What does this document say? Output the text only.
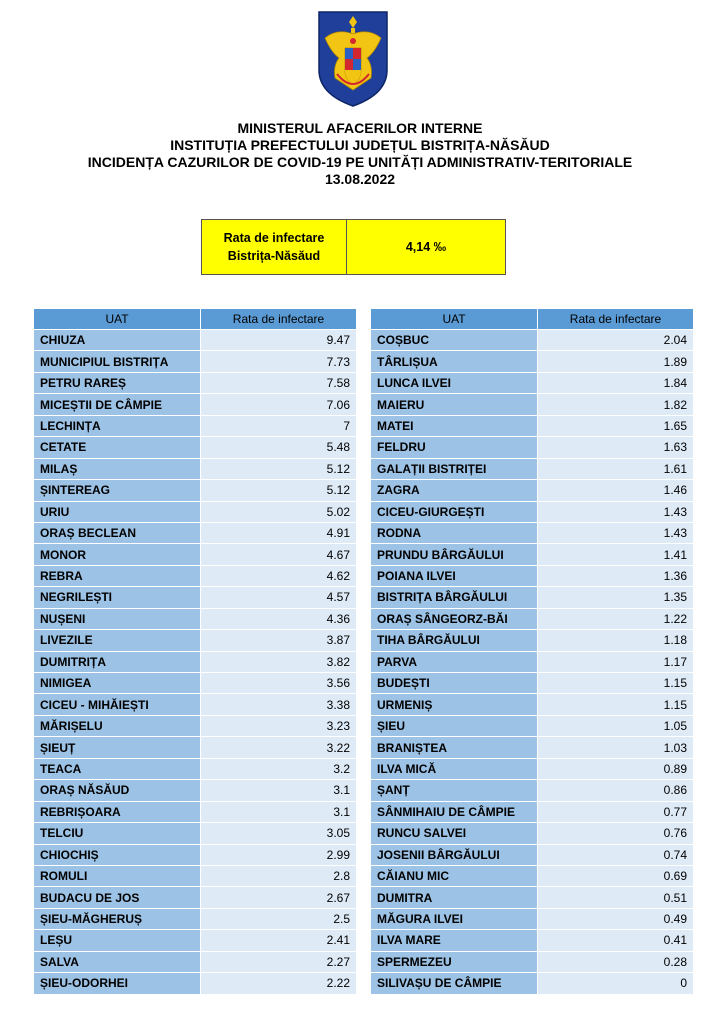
MINISTERUL AFACERILOR INTERNE
INSTITUȚIA PREFECTULUI JUDEȚUL BISTRIȚA-NĂSĂUD
INCIDENȚA CAZURILOR DE COVID-19 PE UNITĂȚI ADMINISTRATIV-TERITORIALE
13.08.2022
Rata de infectare
Bistrița-Năsăud
4,14 ‰
UAT	Rata de infectare
CHIUZA	9.47
MUNICIPIUL BISTRIȚA	7.73
PETRU RAREȘ	7.58
MICEȘTII DE CÂMPIE	7.06
LECHINȚA	7
CETATE	5.48
MILAȘ	5.12
ȘINTEREAG	5.12
URIU	5.02
ORAȘ BECLEAN	4.91
MONOR	4.67
REBRA	4.62
NEGRILEȘTI	4.57
NUȘENI	4.36
LIVEZILE	3.87
DUMITRIȚA	3.82
NIMIGEA	3.56
CICEU - MIHĂIEȘTI	3.38
MĂRIȘELU	3.23
ȘIEUȚ	3.22
TEACA	3.2
ORAȘ NĂSĂUD	3.1
REBRIȘOARA	3.1
TELCIU	3.05
CHIOCHIȘ	2.99
ROMULI	2.8
BUDACU DE JOS	2.67
ȘIEU-MĂGHERUȘ	2.5
LEȘU	2.41
SALVA	2.27
ȘIEU-ODORHEI	2.22
UAT	Rata de infectare
COȘBUC	2.04
TÂRLIȘUA	1.89
LUNCA ILVEI	1.84
MAIERU	1.82
MATEI	1.65
FELDRU	1.63
GALAȚII BISTRIȚEI	1.61
ZAGRA	1.46
CICEU-GIURGEȘTI	1.43
RODNA	1.43
PRUNDU BÂRGĂULUI	1.41
POIANA ILVEI	1.36
BISTRIȚA BÂRGĂULUI	1.35
ORAȘ SÂNGEORZ-BĂI	1.22
TIHA BÂRGĂULUI	1.18
PARVA	1.17
BUDEȘTI	1.15
URMENIȘ	1.15
ȘIEU	1.05
BRANIȘTEA	1.03
ILVA MICĂ	0.89
ȘANȚ	0.86
SÂNMIHAIU DE CÂMPIE	0.77
RUNCU SALVEI	0.76
JOSENII BÂRGĂULUI	0.74
CĂIANU MIC	0.69
DUMITRA	0.51
MĂGURA ILVEI	0.49
ILVA MARE	0.41
SPERMEZEU	0.28
SILIVAȘU DE CÂMPIE	0
